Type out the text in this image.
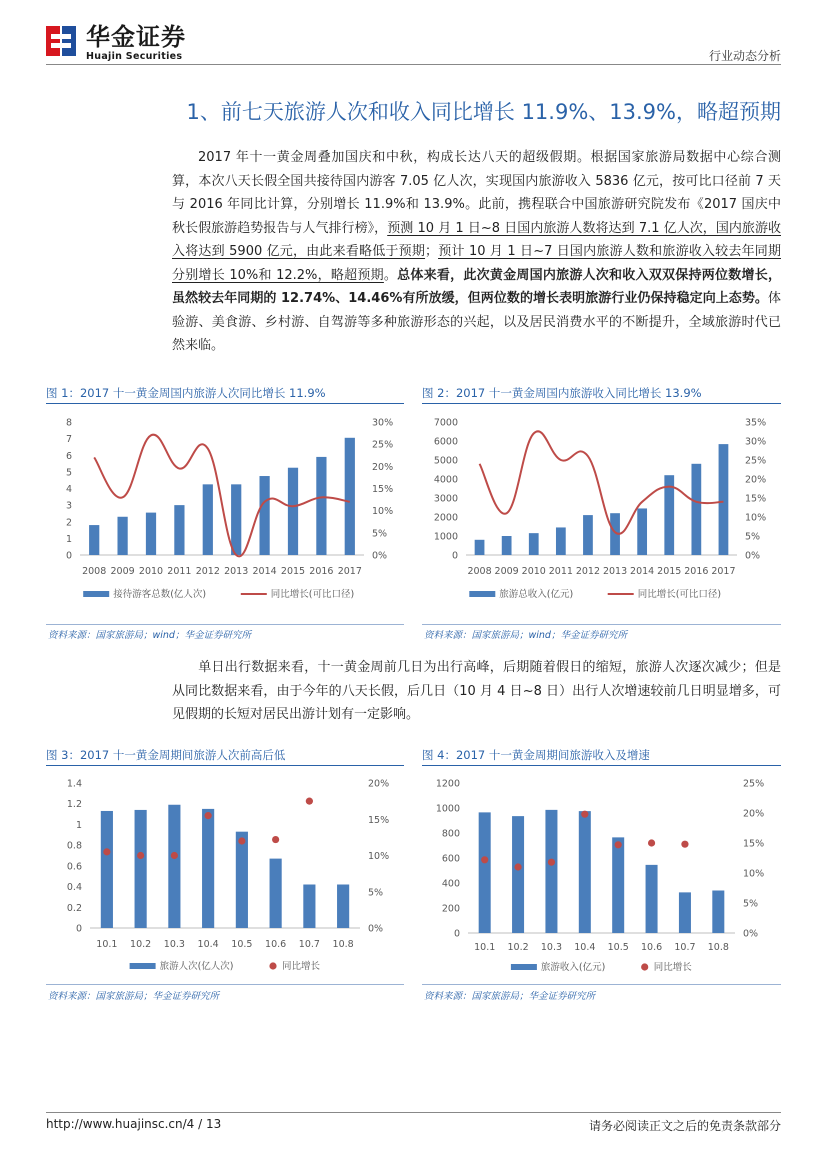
华金证券
Huajin Securities	行业动态分析
1、前七天旅游人次和收入同比增长 11.9%、13.9%，略超预期
2017 年十一黄金周叠加国庆和中秋，构成长达八天的超级假期。根据国家旅游局数据中心综合测算，本次八天长假全国共接待国内游客 7.05 亿人次，实现国内旅游收入 5836 亿元，按可比口径前 7 天与 2016 年同比计算，分别增长 11.9%和 13.9%。此前，携程联合中国旅游研究院发布《2017 国庆中秋长假旅游趋势报告与人气排行榜》，预测 10 月 1 日~8 日国内旅游人数将达到 7.1 亿人次，国内旅游收入将达到 5900 亿元，由此来看略低于预期；预计 10 月 1 日~7 日国内旅游人数和旅游收入较去年同期分别增长 10%和 12.2%，略超预期。总体来看，此次黄金周国内旅游人次和收入双双保持两位数增长，虽然较去年同期的 12.74%、14.46%有所放缓，但两位数的增长表明旅游行业仍保持稳定向上态势。体验游、美食游、乡村游、自驾游等多种旅游形态的兴起，以及居民消费水平的不断提升，全域旅游时代已然来临。
图 1：2017 十一黄金周国内旅游人次同比增长 11.9%
0
1
2
3
4
5
6
7
8
0%
5%
10%
15%
20%
25%
30%
2008 2009 2010 2011 2012 2013 2014 2015 2016 2017
接待游客总数(亿人次)	同比增长(可比口径)
资料来源：国家旅游局；wind；华金证券研究所
图 2：2017 十一黄金周国内旅游收入同比增长 13.9%
0
1000
2000
3000
4000
5000
6000
7000
0%
5%
10%
15%
20%
25%
30%
35%
2008 2009 2010 2011 2012 2013 2014 2015 2016 2017
旅游总收入(亿元)	同比增长(可比口径)
资料来源：国家旅游局；wind；华金证券研究所
单日出行数据来看，十一黄金周前几日为出行高峰，后期随着假日的缩短，旅游人次逐次减少；但是从同比数据来看，由于今年的八天长假，后几日（10 月 4 日~8 日）出行人次增速较前几日明显增多，可见假期的长短对居民出游计划有一定影响。
图 3：2017 十一黄金周期间旅游人次前高后低
0
0.2
0.4
0.6
0.8
1
1.2
1.4
0%
5%
10%
15%
20%
10.1 10.2 10.3 10.4 10.5 10.6 10.7 10.8
旅游人次(亿人次)	同比增长
资料来源：国家旅游局；华金证券研究所
图 4：2017 十一黄金周期间旅游收入及增速
0
200
400
600
800
1000
1200
0%
5%
10%
15%
20%
25%
10.1 10.2 10.3 10.4 10.5 10.6 10.7 10.8
旅游收入(亿元)	同比增长
资料来源：国家旅游局；华金证券研究所
http://www.huajinsc.cn/4 / 13	请务必阅读正文之后的免责条款部分
